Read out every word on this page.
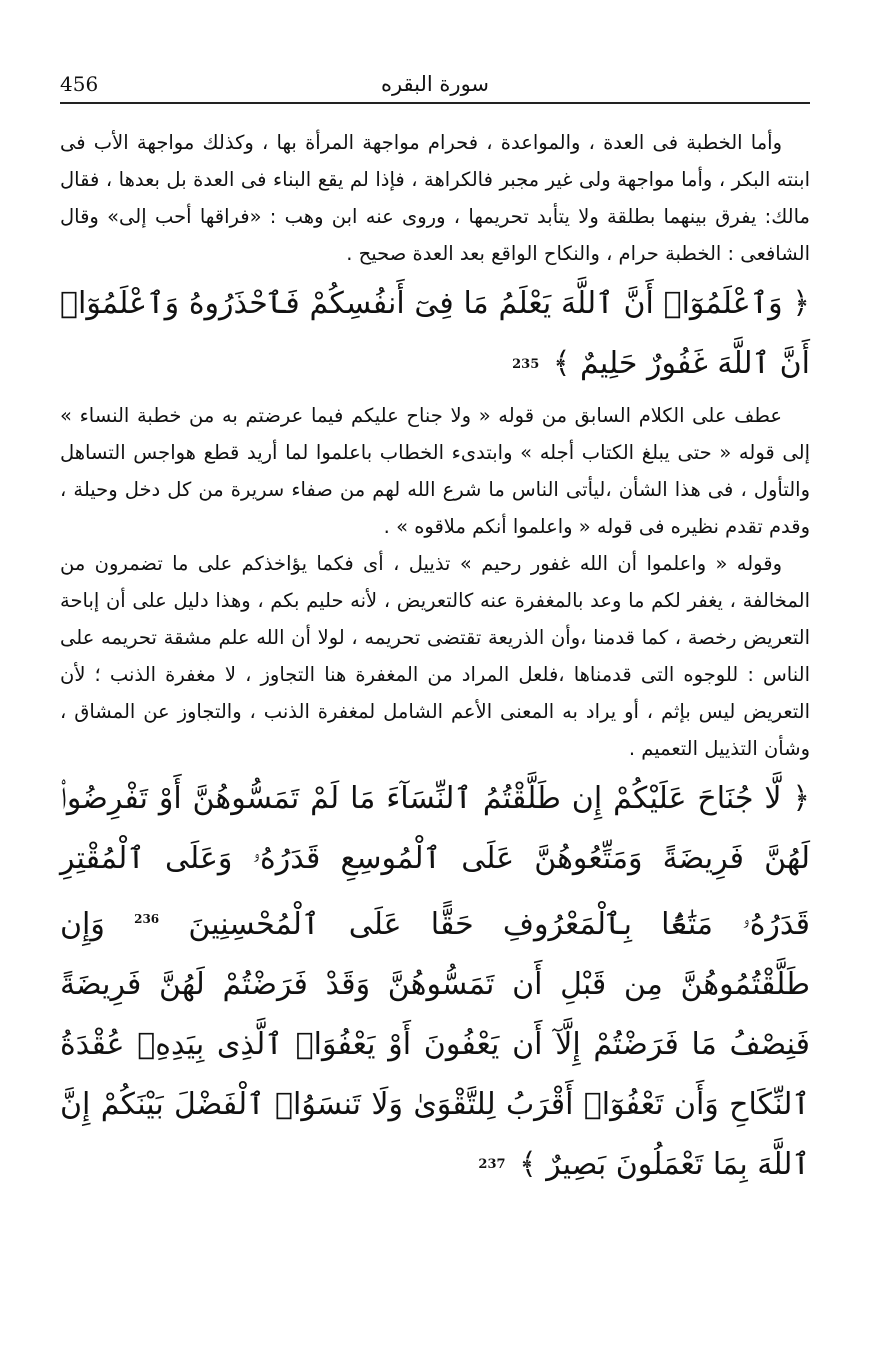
456	سورة البقره

وأما الخطبة فى العدة ، والمواعدة ، فحرام مواجهة المرأة بها ، وكذلك مواجهة الأب فى ابنته البكر ، وأما مواجهة ولى غير مجبر فالكراهة ، فإذا لم يقع البناء فى العدة بل بعدها ، فقال مالك: يفرق بينهما بطلقة ولا يتأبد تحريمها ، وروى عنه ابن وهب : «فراقها أحب إلى» وقال الشافعى : الخطبة حرام ، والنكاح الواقع بعد العدة صحيح .

﴿ وَٱعْلَمُوٓا۟ أَنَّ ٱللَّهَ يَعْلَمُ مَا فِىٓ أَنفُسِكُمْ فَٱحْذَرُوهُ وَٱعْلَمُوٓا۟ أَنَّ ٱللَّهَ غَفُورٌ حَلِيمٌ ﴾ 235

عطف على الكلام السابق من قوله « ولا جناح عليكم فيما عرضتم به من خطبة النساء » إلى قوله « حتى يبلغ الكتاب أجله » وابتدىء الخطاب باعلموا لما أريد قطع هواجس التساهل والتأول ، فى هذا الشأن ،ليأتى الناس ما شرع الله لهم من صفاء سريرة من كل دخل وحيلة ، وقدم تقدم نظيره فى قوله « واعلموا أنكم ملاقوه » .

وقوله « واعلموا أن الله غفور رحيم » تذييل ، أى فكما يؤاخذكم على ما تضمرون من المخالفة ، يغفر لكم ما وعد بالمغفرة عنه كالتعريض ، لأنه حليم بكم ، وهذا دليل على أن إباحة التعريض رخصة ، كما قدمنا ،وأن الذريعة تقتضى تحريمه ، لولا أن الله علم مشقة تحريمه على الناس : للوجوه التى قدمناها ،فلعل المراد من المغفرة هنا التجاوز ، لا مغفرة الذنب ؛ لأن التعريض ليس بإثم ، أو يراد به المعنى الأعم الشامل لمغفرة الذنب ، والتجاوز عن المشاق ، وشأن التذييل التعميم .

﴿ لَّا جُنَاحَ عَلَيْكُمْ إِن طَلَّقْتُمُ ٱلنِّسَآءَ مَا لَمْ تَمَسُّوهُنَّ أَوْ تَفْرِضُوا۟ لَهُنَّ فَرِيضَةً وَمَتِّعُوهُنَّ عَلَى ٱلْمُوسِعِ قَدَرُهُۥ وَعَلَى ٱلْمُقْتِرِ قَدَرُهُۥ مَتَٰعًۢا بِٱلْمَعْرُوفِ حَقًّا عَلَى ٱلْمُحْسِنِينَ $^{236}$ وَإِن طَلَّقْتُمُوهُنَّ مِن قَبْلِ أَن تَمَسُّوهُنَّ وَقَدْ فَرَضْتُمْ لَهُنَّ فَرِيضَةً فَنِصْفُ مَا فَرَضْتُمْ إِلَّآ أَن يَعْفُونَ أَوْ يَعْفُوَا۟ ٱلَّذِى بِيَدِهِۦ عُقْدَةُ ٱلنِّكَاحِ وَأَن تَعْفُوٓا۟ أَقْرَبُ لِلتَّقْوَىٰ وَلَا تَنسَوُا۟ ٱلْفَضْلَ بَيْنَكُمْ إِنَّ ٱللَّهَ بِمَا تَعْمَلُونَ بَصِيرٌ ﴾ 237
